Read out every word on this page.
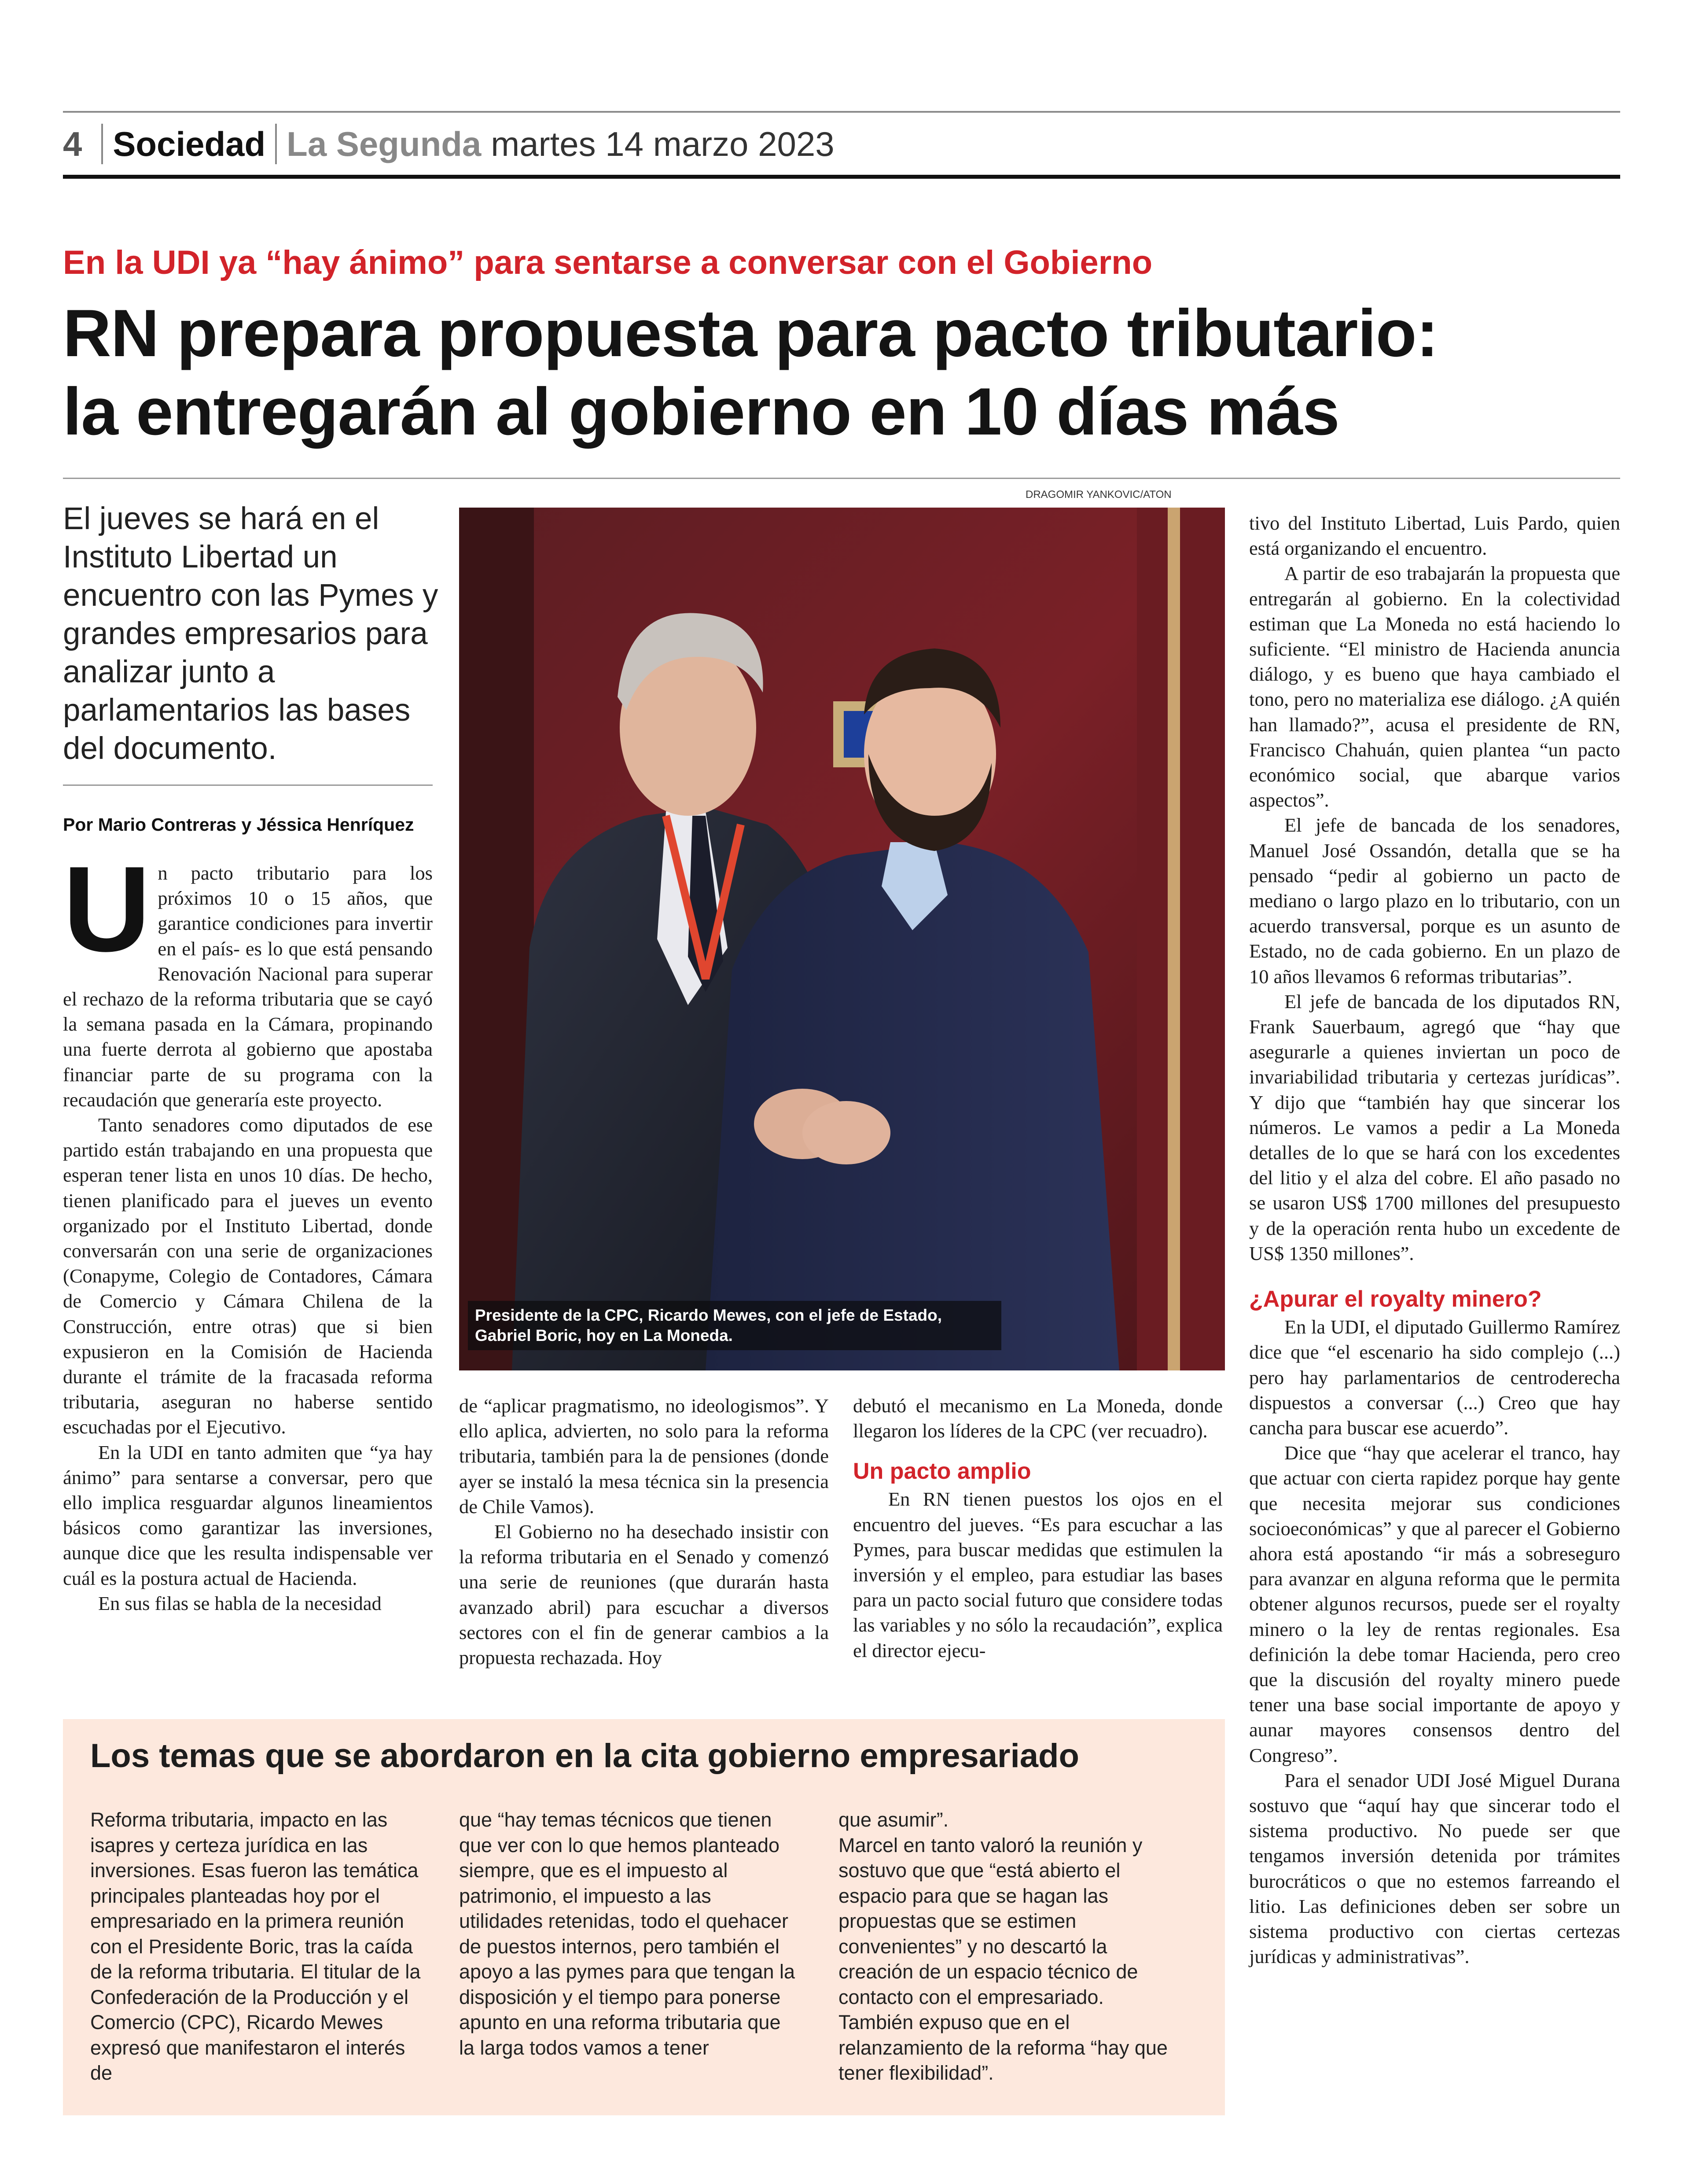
4 Sociedad La Segunda martes 14 marzo 2023
En la UDI ya “hay ánimo” para sentarse a conversar con el Gobierno
RN prepara propuesta para pacto tributario:
la entregarán al gobierno en 10 días más
El jueves se hará en el Instituto Libertad un encuentro con las Pymes y grandes empresarios para analizar junto a parlamentarios las bases del documento.
Por Mario Contreras y Jéssica Henríquez

Un pacto tributario para los próximos 10 o 15 años, que garantice condiciones para invertir en el país- es lo que está pensando Renovación Nacional para superar el rechazo de la reforma tributaria que se cayó la semana pasada en la Cámara, propinando una fuerte derrota al gobierno que apostaba financiar parte de su programa con la recaudación que generaría este proyecto.

Tanto senadores como diputados de ese partido están trabajando en una propuesta que esperan tener lista en unos 10 días. De hecho, tienen planificado para el jueves un evento organizado por el Instituto Libertad, donde conversarán con una serie de organizaciones (Conapyme, Colegio de Contadores, Cámara de Comercio y Cámara Chilena de la Construcción, entre otras) que si bien expusieron en la Comisión de Hacienda durante el trámite de la fracasada reforma tributaria, aseguran no haberse sentido escuchadas por el Ejecutivo.

En la UDI en tanto admiten que “ya hay ánimo” para sentarse a conversar, pero que ello implica resguardar algunos lineamientos básicos como garantizar las inversiones, aunque dice que les resulta indispensable ver cuál es la postura actual de Hacienda.

En sus filas se habla de la necesidad

DRAGOMIR YANKOVIC/ATON
Presidente de la CPC, Ricardo Mewes, con el jefe de Estado, Gabriel Boric, hoy en La Moneda.

de “aplicar pragmatismo, no ideologismos”. Y ello aplica, advierten, no solo para la reforma tributaria, también para la de pensiones (donde ayer se instaló la mesa técnica sin la presencia de Chile Vamos).

El Gobierno no ha desechado insistir con la reforma tributaria en el Senado y comenzó una serie de reuniones (que durarán hasta avanzado abril) para escuchar a diversos sectores con el fin de generar cambios a la propuesta rechazada. Hoy

debutó el mecanismo en La Moneda, donde llegaron los líderes de la CPC (ver recuadro).

Un pacto amplio

En RN tienen puestos los ojos en el encuentro del jueves. “Es para escuchar a las Pymes, para buscar medidas que estimulen la inversión y el empleo, para estudiar las bases para un pacto social futuro que considere todas las variables y no sólo la recaudación”, explica el director ejecu-

tivo del Instituto Libertad, Luis Pardo, quien está organizando el encuentro.

A partir de eso trabajarán la propuesta que entregarán al gobierno. En la colectividad estiman que La Moneda no está haciendo lo suficiente. “El ministro de Hacienda anuncia diálogo, y es bueno que haya cambiado el tono, pero no materializa ese diálogo. ¿A quién han llamado?”, acusa el presidente de RN, Francisco Chahuán, quien plantea “un pacto económico social, que abarque varios aspectos”.

El jefe de bancada de los senadores, Manuel José Ossandón, detalla que se ha pensado “pedir al gobierno un pacto de mediano o largo plazo en lo tributario, con un acuerdo transversal, porque es un asunto de Estado, no de cada gobierno. En un plazo de 10 años llevamos 6 reformas tributarias”.

El jefe de bancada de los diputados RN, Frank Sauerbaum, agregó que “hay que asegurarle a quienes inviertan un poco de invariabilidad tributaria y certezas jurídicas”. Y dijo que “también hay que sincerar los números. Le vamos a pedir a La Moneda detalles de lo que se hará con los excedentes del litio y el alza del cobre. El año pasado no se usaron US$ 1700 millones del presupuesto y de la operación renta hubo un excedente de US$ 1350 millones”.

¿Apurar el royalty minero?

En la UDI, el diputado Guillermo Ramírez dice que “el escenario ha sido complejo (...) pero hay parlamentarios de centroderecha dispuestos a conversar (...) Creo que hay cancha para buscar ese acuerdo”.

Dice que “hay que acelerar el tranco, hay que actuar con cierta rapidez porque hay gente que necesita mejorar sus condiciones socioeconómicas” y que al parecer el Gobierno ahora está apostando “ir más a sobreseguro para avanzar en alguna reforma que le permita obtener algunos recursos, puede ser el royalty minero o la ley de rentas regionales. Esa definición la debe tomar Hacienda, pero creo que la discusión del royalty minero puede tener una base social importante de apoyo y aunar mayores consensos dentro del Congreso”.

Para el senador UDI José Miguel Durana sostuvo que “aquí hay que sincerar todo el sistema productivo. No puede ser que tengamos inversión detenida por trámites burocráticos o que no estemos farreando el litio. Las definiciones deben ser sobre un sistema productivo con ciertas certezas jurídicas y administrativas”.

Los temas que se abordaron en la cita gobierno empresariado

Reforma tributaria, impacto en las isapres y certeza jurídica en las inversiones. Esas fueron las temática principales planteadas hoy por el empresariado en la primera reunión con el Presidente Boric, tras la caída de la reforma tributaria. El titular de la Confederación de la Producción y el Comercio (CPC), Ricardo Mewes expresó que manifestaron el interés de

que “hay temas técnicos que tienen que ver con lo que hemos planteado siempre, que es el impuesto al patrimonio, el impuesto a las utilidades retenidas, todo el quehacer de puestos internos, pero también el apoyo a las pymes para que tengan la disposición y el tiempo para ponerse apunto en una reforma tributaria que la larga todos vamos a tener

que asumir”.

Marcel en tanto valoró la reunión y sostuvo que que “está abierto el espacio para que se hagan las propuestas que se estimen convenientes” y no descartó la creación de un espacio técnico de contacto con el empresariado. También expuso que en el relanzamiento de la reforma “hay que tener flexibilidad”.
